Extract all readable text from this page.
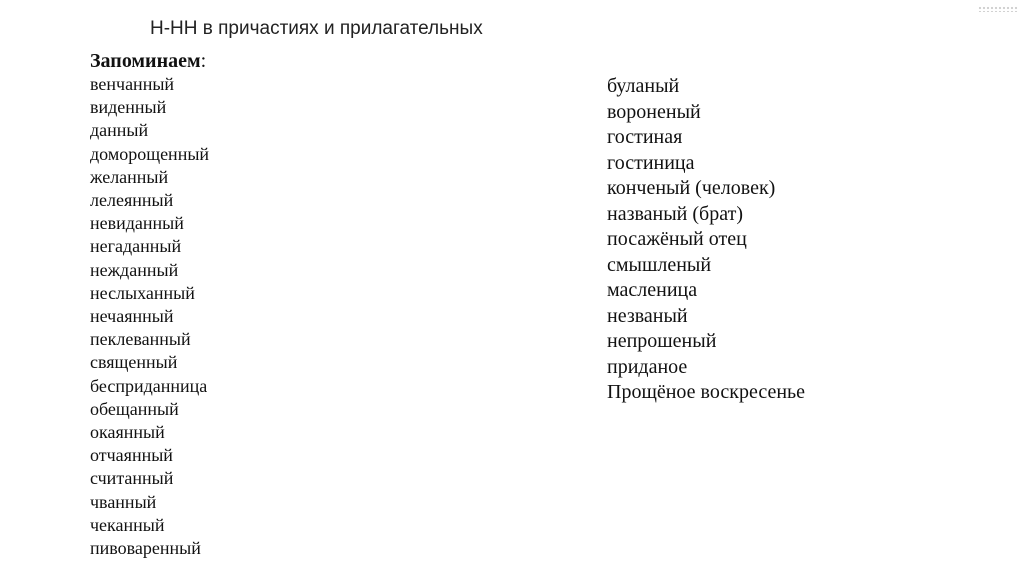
Н-НН в причастиях и прилагательных
Запоминаем:
венчанный
виденный
данный
доморощенный
желанный
лелеянный
невиданный
негаданный
нежданный
неслыханный
нечаянный
пеклеванный
священный
бесприданница
обещанный
окаянный
отчаянный
считанный
чванный
чеканный
пивоваренный
буланый
вороненый
гостиная
гостиница
конченый (человек)
названый (брат)
посажёный отец
смышленый
масленица
незваный
непрошеный
приданое
Прощёное воскресенье
